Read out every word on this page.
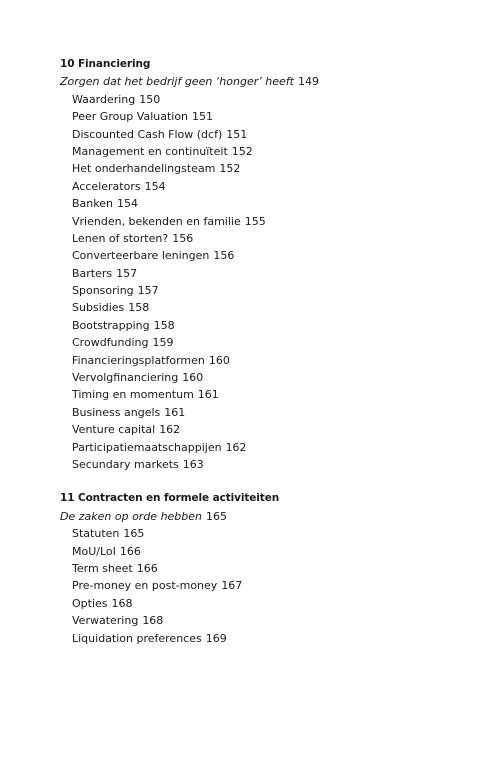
10 Financiering
Zorgen dat het bedrijf geen ‘honger’ heeft 149
Waardering 150
Peer Group Valuation 151
Discounted Cash Flow (dcf) 151
Management en continuïteit 152
Het onderhandelingsteam 152
Accelerators 154
Banken 154
Vrienden, bekenden en familie 155
Lenen of storten? 156
Converteerbare leningen 156
Barters 157
Sponsoring 157
Subsidies 158
Bootstrapping 158
Crowdfunding 159
Financieringsplatformen 160
Vervolgfinanciering 160
Timing en momentum 161
Business angels 161
Venture capital 162
Participatiemaatschappijen 162
Secundary markets 163
11 Contracten en formele activiteiten
De zaken op orde hebben 165
Statuten 165
MoU/LoI 166
Term sheet 166
Pre-money en post-money 167
Opties 168
Verwatering 168
Liquidation preferences 169
